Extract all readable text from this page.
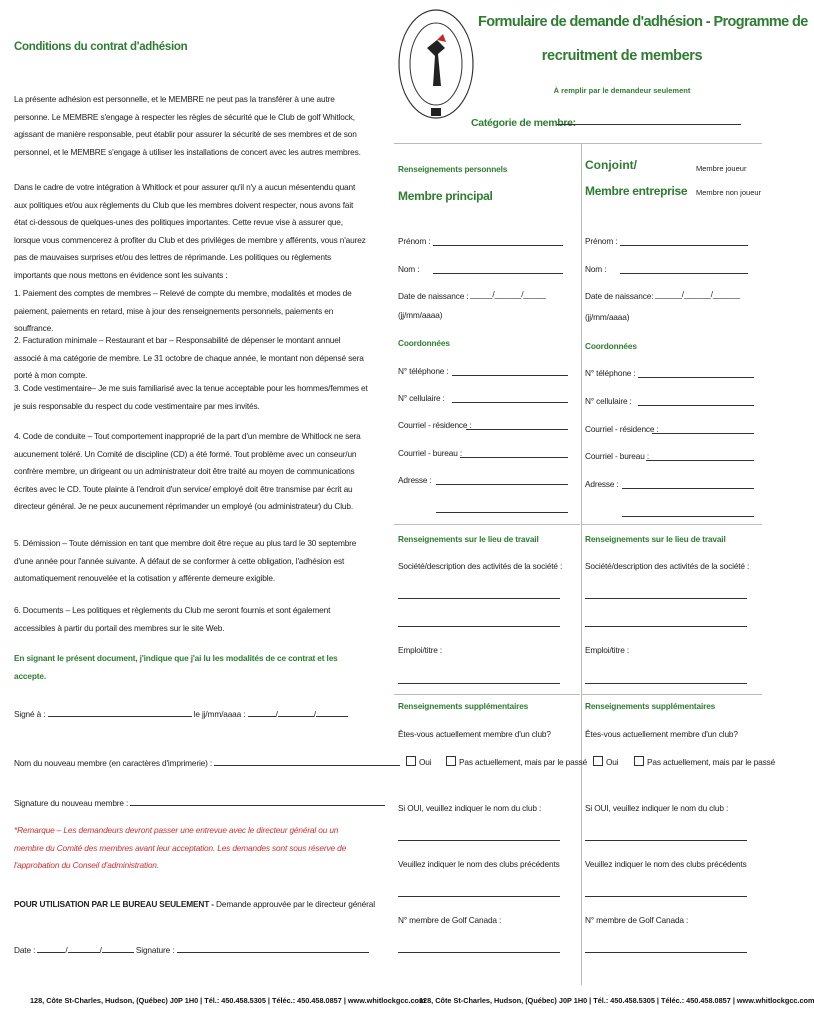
Formulaire de demande d'adhésion - Programme de
recruitment de members
À remplir par le demandeur seulement
Catégorie de membre:
Conditions du contrat d'adhésion

La présente adhésion est personnelle, et le MEMBRE ne peut pas la transférer à une autre personne. Le MEMBRE s'engage à respecter les règles de sécurité que le Club de golf Whitlock, agissant de manière responsable, peut établir pour assurer la sécurité de ses membres et de son personnel, et le MEMBRE s'engage à utiliser les installations de concert avec les autres membres.

Dans le cadre de votre intégration à Whitlock et pour assurer qu'il n'y a aucun mésentendu quant aux politiques et/ou aux règlements du Club que les membres doivent respecter, nous avons fait état ci-dessous de quelques-unes des politiques importantes. Cette revue vise à assurer que, lorsque vous commencerez à profiter du Club et des privilèges de membre y afférents, vous n'aurez pas de mauvaises surprises et/ou des lettres de réprimande. Les politiques ou règlements importants que nous mettons en évidence sont les suivants :

1. Paiement des comptes de membres – Relevé de compte du membre, modalités et modes de paiement, paiements en retard, mise à jour des renseignements personnels, paiements en souffrance.
2. Facturation minimale – Restaurant et bar – Responsabilité de dépenser le montant annuel associé à ma catégorie de membre. Le 31 octobre de chaque année, le montant non dépensé sera porté à mon compte.
3. Code vestimentaire– Je me suis familiarisé avec la tenue acceptable pour les hommes/femmes et je suis responsable du respect du code vestimentaire par mes invités.
4. Code de conduite – Tout comportement inapproprié de la part d'un membre de Whitlock ne sera aucunement toléré. Un Comité de discipline (CD) a été formé. Tout problème avec un conseur/un confrère membre, un dirigeant ou un administrateur doit être traité au moyen de communications écrites avec le CD. Toute plainte à l'endroit d'un service/ employé doit être transmise par écrit au directeur général. Je ne peux aucunement réprimander un employé (ou administrateur) du Club.
5. Démission – Toute démission en tant que membre doit être reçue au plus tard le 30 septembre d'une année pour l'année suivante. À défaut de se conformer à cette obligation, l'adhésion est automatiquement renouvelée et la cotisation y afférente demeure exigible.
6. Documents – Les politiques et règlements du Club me seront fournis et sont également accessibles à partir du portail des membres sur le site Web.
En signant le présent document, j'indique que j'ai lu les modalités de ce contrat et les accepte.
Signé à :	le jj/mm/aaaa :	/	/
Nom du nouveau membre (en caractères d'imprimerie) :
Signature du nouveau membre :
*Remarque – Les demandeurs devront passer une entrevue avec le directeur général ou un membre du Comité des membres avant leur acceptation. Les demandes sont sous réserve de l'approbation du Conseil d'administration.
POUR UTILISATION PAR LE BUREAU SEULEMENT - Demande approuvée par le directeur général
Date :	/	/	Signature :
Renseignements personnels
Membre principal
Prénom :
Nom :
Date de naissance : _____/______/_____
(jj/mm/aaaa)
Coordonnées
N° téléphone :
N° cellulaire :
Courriel - résidence :
Courriel - bureau :
Adresse :
Renseignements sur le lieu de travail
Société/description des activités de la société :
Emploi/titre :
Renseignements supplémentaires
Êtes-vous actuellement membre d'un club?
Oui	Pas actuellement, mais par le passé
Si OUI, veuillez indiquer le nom du club :
Veuillez indiquer le nom des clubs précédents
N° membre de Golf Canada :
Conjoint/
Membre entreprise
Membre joueur
Membre non joueur
Prénom :
Nom :
Date de naissance: ______/______/______
(jj/mm/aaaa)
Coordonnées
N° téléphone :
N° cellulaire :
Courriel - résidence :
Courriel - bureau :
Adresse :
Renseignements sur le lieu de travail
Société/description des activités de la société :
Emploi/titre :
Renseignements supplémentaires
Êtes-vous actuellement membre d'un club?
Oui	Pas actuellement, mais par le passé
Si OUI, veuillez indiquer le nom du club :
Veuillez indiquer le nom des clubs précédents
N° membre de Golf Canada :
128, Côte St-Charles, Hudson, (Québec) J0P 1H0 | Tél.: 450.458.5305 | Téléc.: 450.458.0857 | www.whitlockgcc.com
128, Côte St-Charles, Hudson, (Québec) J0P 1H0 | Tél.: 450.458.5305 | Téléc.: 450.458.0857 | www.whitlockgcc.com
